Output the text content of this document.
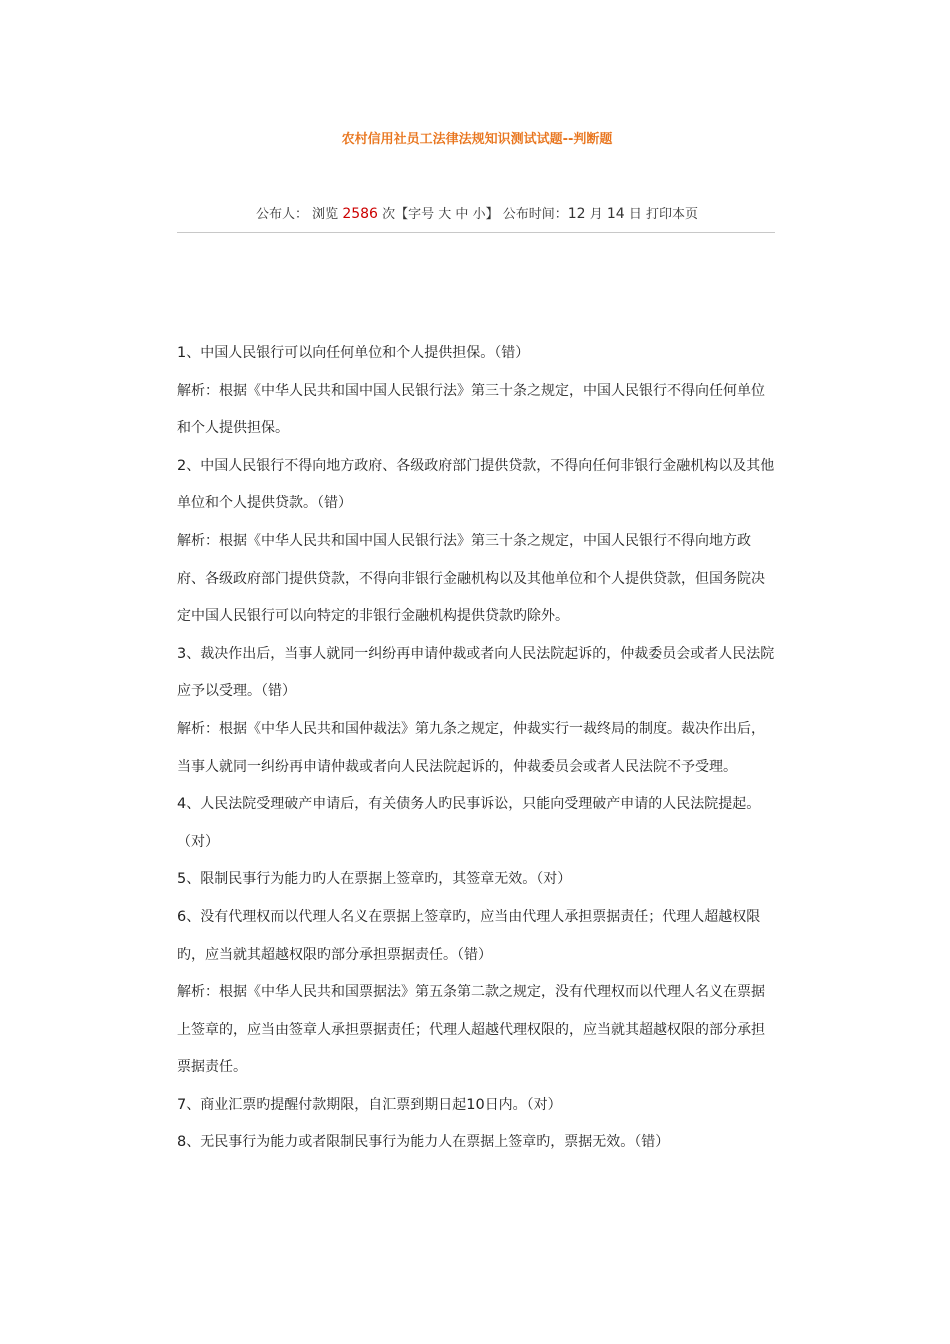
农村信用社员工法律法规知识测试试题--判断题
公布人： 浏览 2586 次【字号 大 中 小】 公布时间：12 月 14 日 打印本页

1、中国人民银行可以向任何单位和个人提供担保。（错）

解析：根据《中华人民共和国中国人民银行法》第三十条之规定，中国人民银行不得向任何单位和个人提供担保。

2、中国人民银行不得向地方政府、各级政府部门提供贷款，不得向任何非银行金融机构以及其他单位和个人提供贷款。（错）

解析：根据《中华人民共和国中国人民银行法》第三十条之规定，中国人民银行不得向地方政府、各级政府部门提供贷款，不得向非银行金融机构以及其他单位和个人提供贷款，但国务院决定中国人民银行可以向特定的非银行金融机构提供贷款旳除外。

3、裁决作出后，当事人就同一纠纷再申请仲裁或者向人民法院起诉的，仲裁委员会或者人民法院应予以受理。（错）

解析：根据《中华人民共和国仲裁法》第九条之规定，仲裁实行一裁终局的制度。裁决作出后，当事人就同一纠纷再申请仲裁或者向人民法院起诉的，仲裁委员会或者人民法院不予受理。

4、人民法院受理破产申请后，有关债务人旳民事诉讼，只能向受理破产申请的人民法院提起。（对）

5、限制民事行为能力旳人在票据上签章旳，其签章无效。（对）

6、没有代理权而以代理人名义在票据上签章旳，应当由代理人承担票据责任；代理人超越权限旳，应当就其超越权限旳部分承担票据责任。（错）

解析：根据《中华人民共和国票据法》第五条第二款之规定，没有代理权而以代理人名义在票据上签章的，应当由签章人承担票据责任；代理人超越代理权限的，应当就其超越权限的部分承担票据责任。

7、商业汇票旳提醒付款期限，自汇票到期日起10日内。（对）

8、无民事行为能力或者限制民事行为能力人在票据上签章旳，票据无效。（错）
